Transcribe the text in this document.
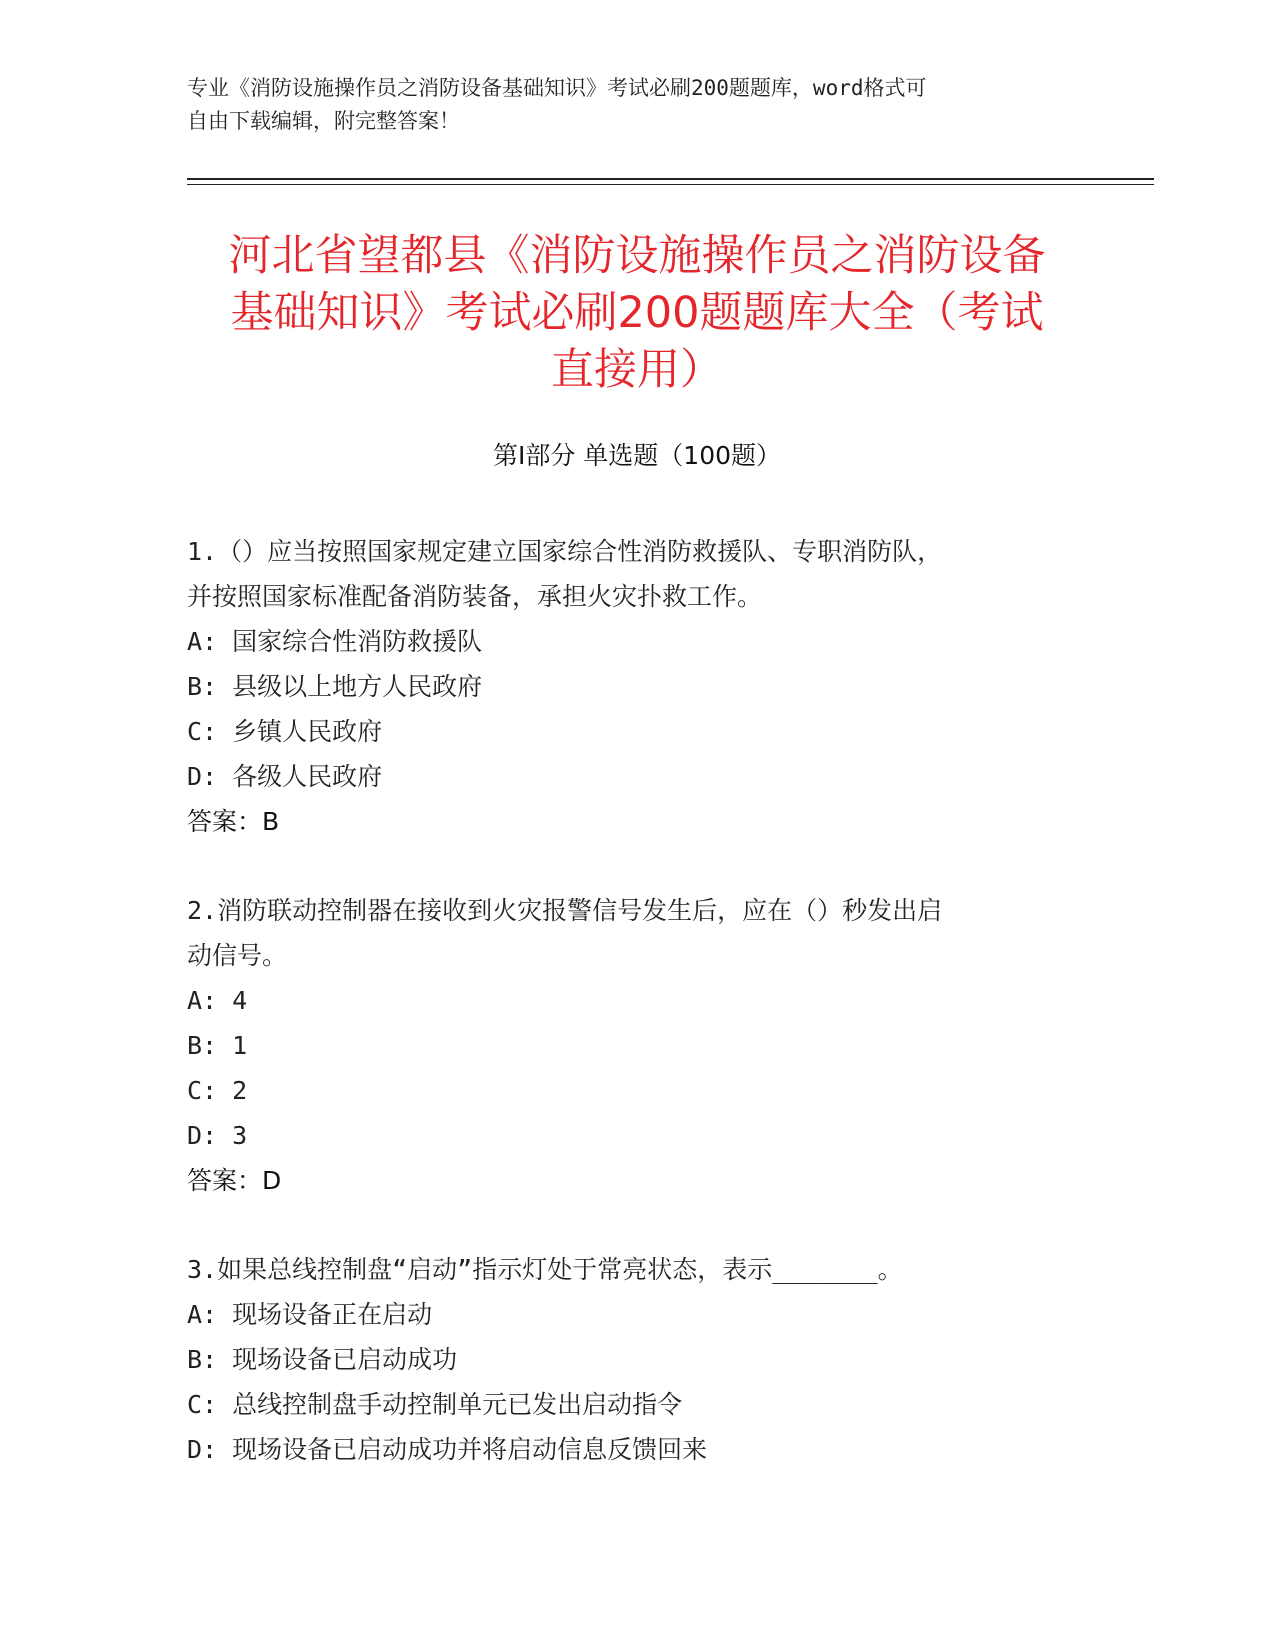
专业《消防设施操作员之消防设备基础知识》考试必刷200题题库，word格式可
自由下载编辑，附完整答案！
河北省望都县《消防设施操作员之消防设备
基础知识》考试必刷200题题库大全（考试
直接用）
第Ⅰ部分 单选题（100题）
1.（）应当按照国家规定建立国家综合性消防救援队、专职消防队，
并按照国家标准配备消防装备，承担火灾扑救工作。
A: 国家综合性消防救援队
B: 县级以上地方人民政府
C: 乡镇人民政府
D: 各级人民政府
答案：B
2.消防联动控制器在接收到火灾报警信号发生后，应在（）秒发出启
动信号。
A: 4
B: 1
C: 2
D: 3
答案：D
3.如果总线控制盘“启动”指示灯处于常亮状态，表示_______。
A: 现场设备正在启动
B: 现场设备已启动成功
C: 总线控制盘手动控制单元已发出启动指令
D: 现场设备已启动成功并将启动信息反馈回来
